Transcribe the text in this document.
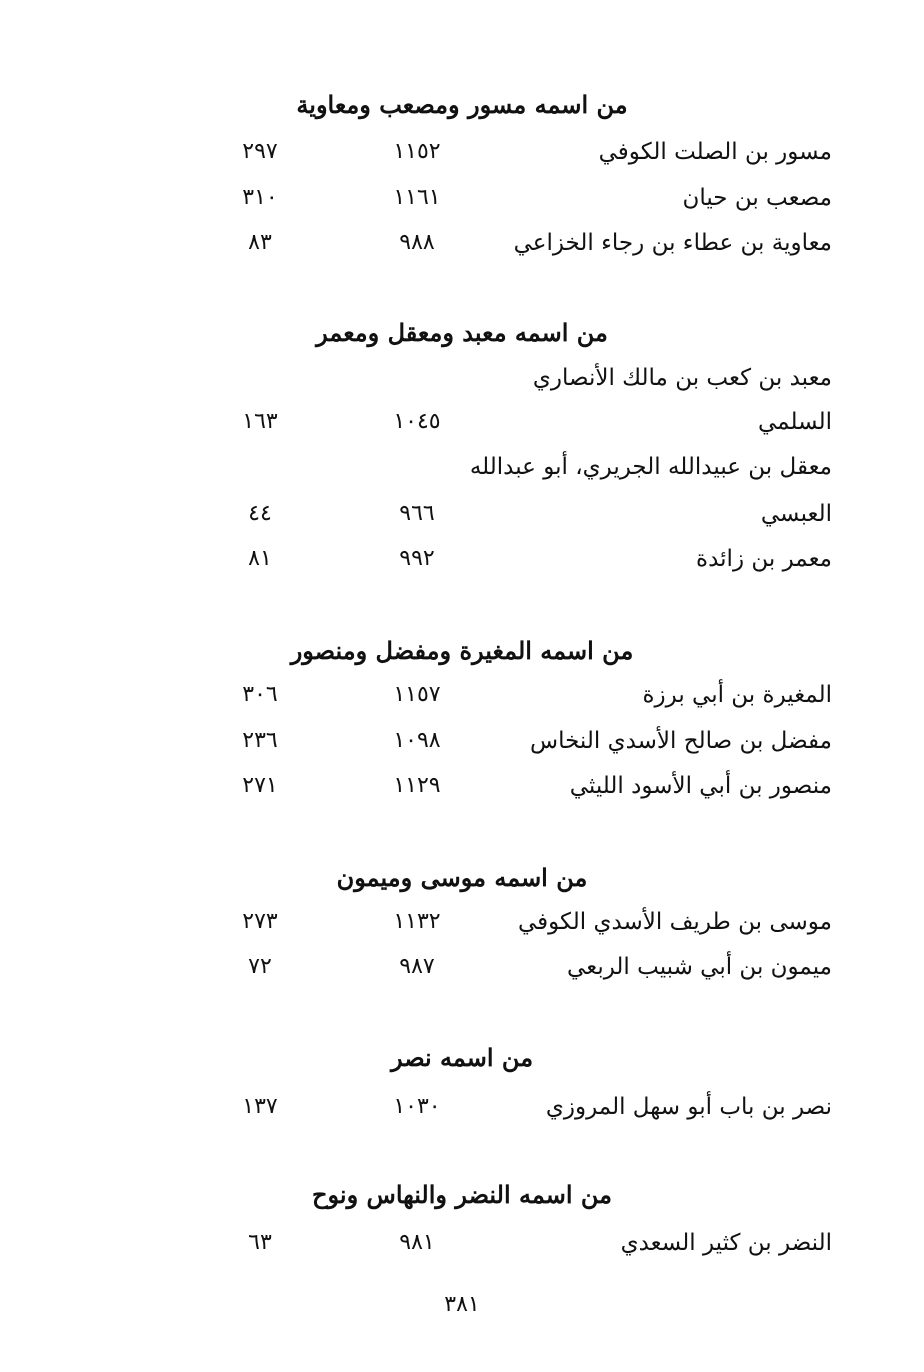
من اسمه مسور ومصعب ومعاوية
مسور بن الصلت الكوفي
١١٥٢
٢٩٧
مصعب بن حيان
١١٦١
٣١٠
معاوية بن عطاء بن رجاء الخزاعي
٩٨٨
٨٣
من اسمه معبد ومعقل ومعمر
معبد بن كعب بن مالك الأنصاري
السلمي
١٠٤٥
١٦٣
معقل بن عبيدالله الجريري، أبو عبدالله
العبسي
٩٦٦
٤٤
معمر بن زائدة
٩٩٢
٨١
من اسمه المغيرة ومفضل ومنصور
المغيرة بن أبي برزة
١١٥٧
٣٠٦
مفضل بن صالح الأسدي النخاس
١٠٩٨
٢٣٦
منصور بن أبي الأسود الليثي
١١٢٩
٢٧١
من اسمه موسى وميمون
موسى بن طريف الأسدي الكوفي
١١٣٢
٢٧٣
ميمون بن أبي شبيب الربعي
٩٨٧
٧٢
من اسمه نصر
نصر بن باب أبو سهل المروزي
١٠٣٠
١٣٧
من اسمه النضر والنهاس ونوح
النضر بن كثير السعدي
٩٨١
٦٣
٣٨١
